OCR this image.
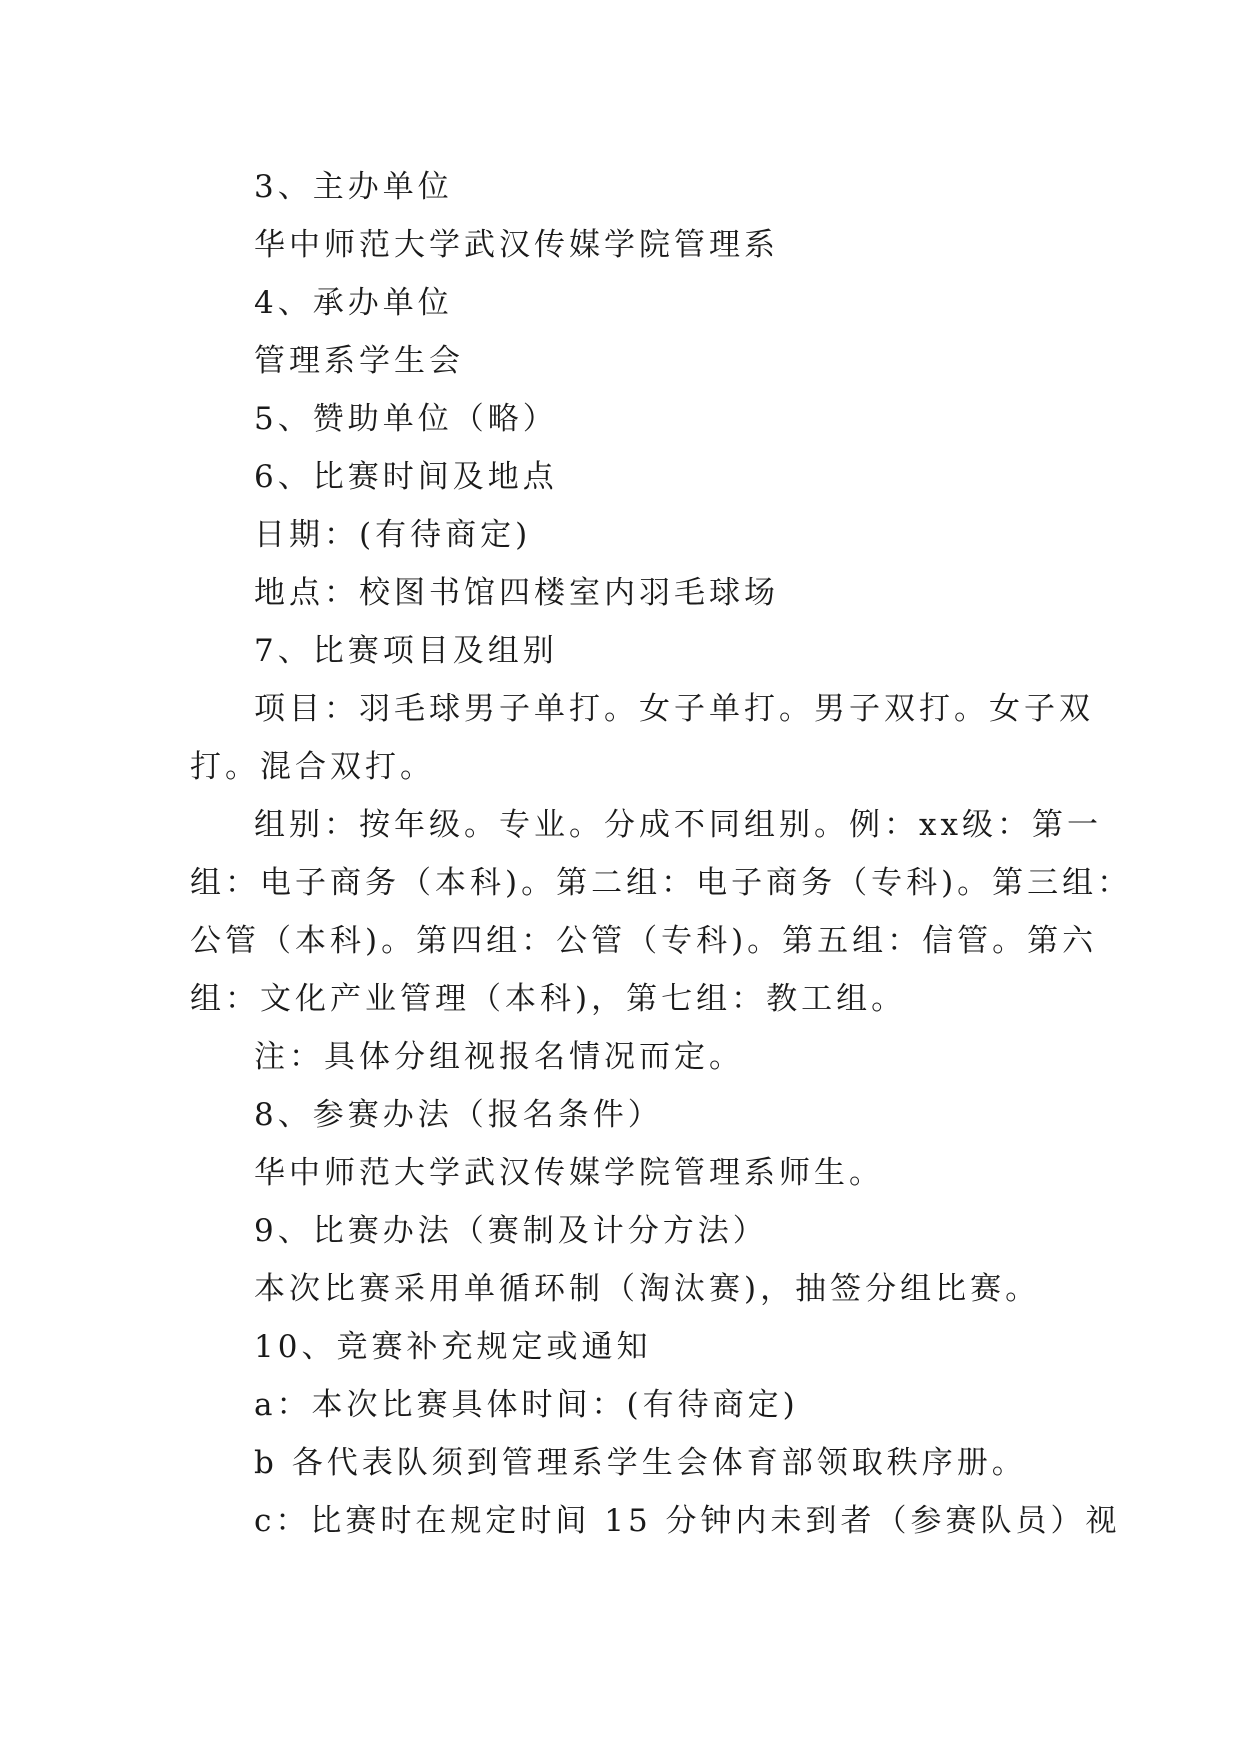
3、主办单位
华中师范大学武汉传媒学院管理系
4、承办单位
管理系学生会
5、赞助单位（略）
6、比赛时间及地点
日期：(有待商定)
地点：校图书馆四楼室内羽毛球场
7、比赛项目及组别
项目：羽毛球男子单打。女子单打。男子双打。女子双
打。混合双打。
组别：按年级。专业。分成不同组别。例：xx级：第一
组：电子商务（本科)。第二组：电子商务（专科)。第三组：
公管（本科)。第四组：公管（专科)。第五组：信管。第六
组：文化产业管理（本科)，第七组：教工组。
注：具体分组视报名情况而定。
8、参赛办法（报名条件）
华中师范大学武汉传媒学院管理系师生。
9、比赛办法（赛制及计分方法）
本次比赛采用单循环制（淘汰赛)，抽签分组比赛。
10、竞赛补充规定或通知
a：本次比赛具体时间：(有待商定)
b 各代表队须到管理系学生会体育部领取秩序册。
c：比赛时在规定时间 15 分钟内未到者（参赛队员）视
